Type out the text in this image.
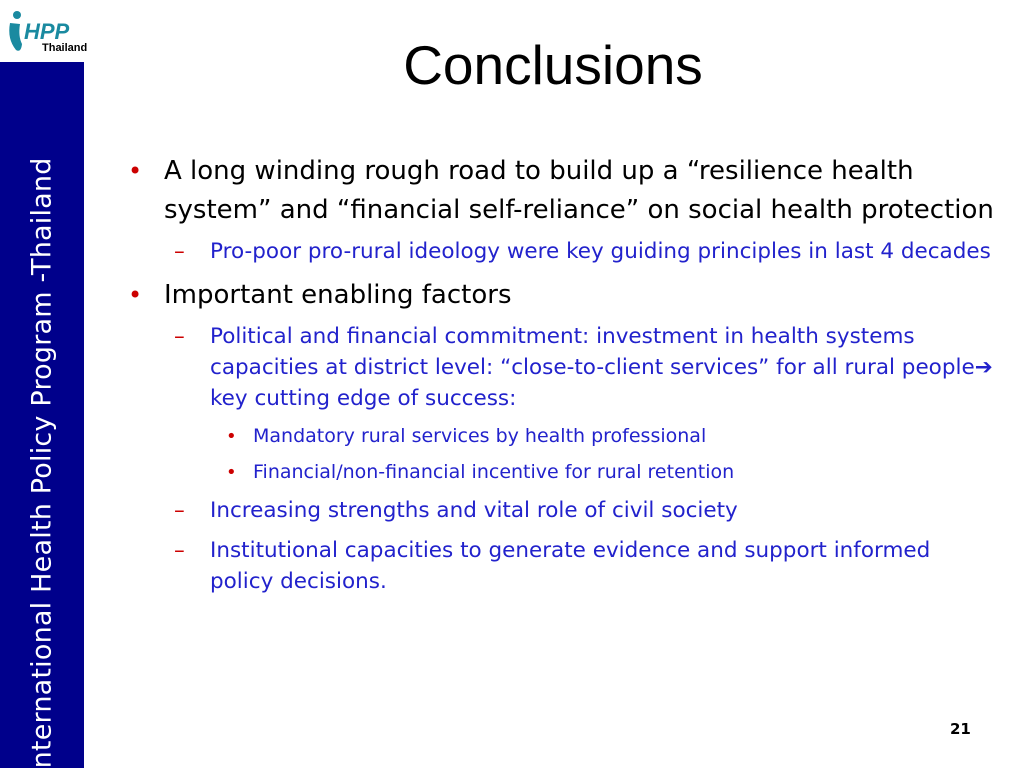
HPP
Thailand
International Health Policy Program -Thailand
Conclusions
• A long winding rough road to build up a “resilience health system” and “financial self-reliance” on social health protection
– Pro-poor pro-rural ideology were key guiding principles in last 4 decades
• Important enabling factors
– Political and financial commitment: investment in health systems capacities at district level: “close-to-client services” for all rural people➔ key cutting edge of success:
• Mandatory rural services by health professional
• Financial/non-financial incentive for rural retention
– Increasing strengths and vital role of civil society
– Institutional capacities to generate evidence and support informed policy decisions.
21
